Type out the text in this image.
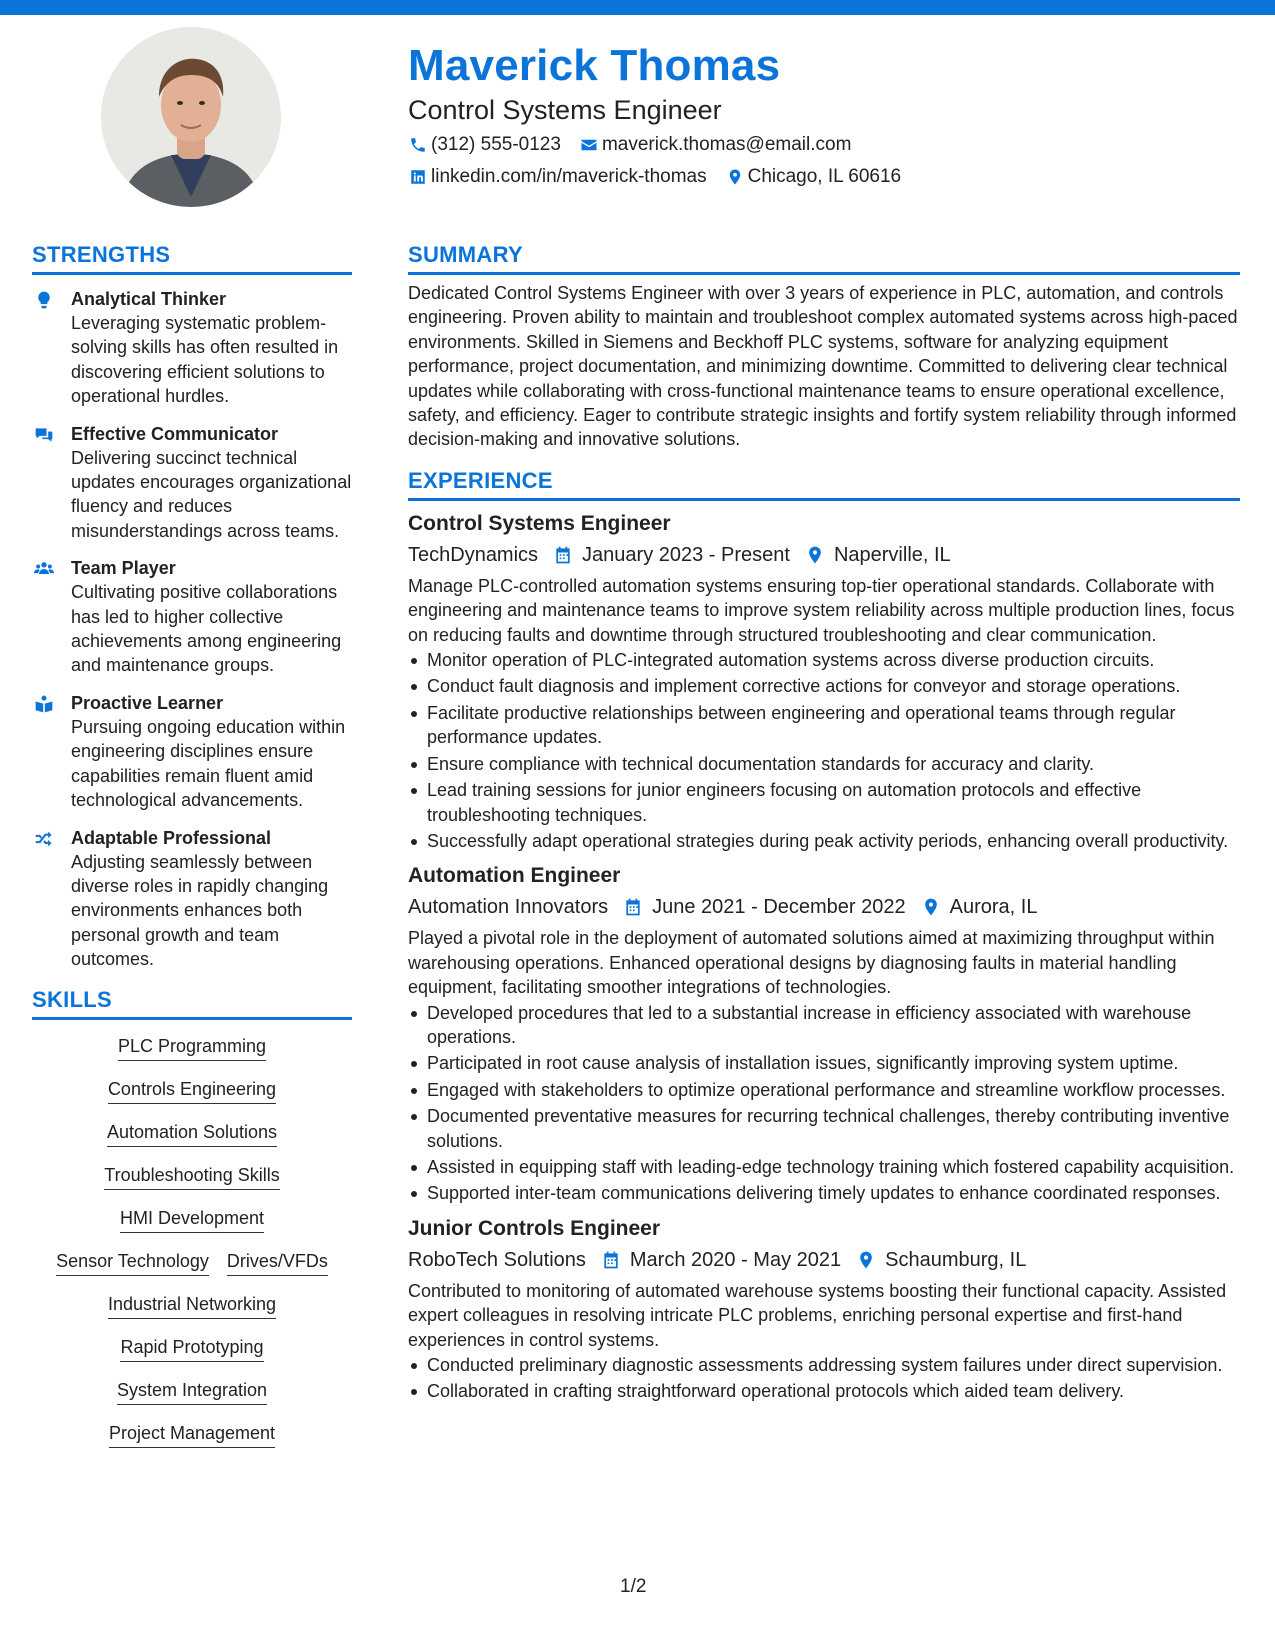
Maverick Thomas
Control Systems Engineer
(312) 555-0123 maverick.thomas@email.com
linkedin.com/in/maverick-thomas Chicago, IL 60616
STRENGTHS
Analytical Thinker
Leveraging systematic problem-solving skills has often resulted in discovering efficient solutions to operational hurdles.
Effective Communicator
Delivering succinct technical updates encourages organizational fluency and reduces misunderstandings across teams.
Team Player
Cultivating positive collaborations has led to higher collective achievements among engineering and maintenance groups.
Proactive Learner
Pursuing ongoing education within engineering disciplines ensure capabilities remain fluent amid technological advancements.
Adaptable Professional
Adjusting seamlessly between diverse roles in rapidly changing environments enhances both personal growth and team outcomes.
SKILLS
PLC Programming
Controls Engineering
Automation Solutions
Troubleshooting Skills
HMI Development
Sensor Technology Drives/VFDs
Industrial Networking
Rapid Prototyping
System Integration
Project Management
SUMMARY
Dedicated Control Systems Engineer with over 3 years of experience in PLC, automation, and controls engineering. Proven ability to maintain and troubleshoot complex automated systems across high-paced environments. Skilled in Siemens and Beckhoff PLC systems, software for analyzing equipment performance, project documentation, and minimizing downtime. Committed to delivering clear technical updates while collaborating with cross-functional maintenance teams to ensure operational excellence, safety, and efficiency. Eager to contribute strategic insights and fortify system reliability through informed decision-making and innovative solutions.
EXPERIENCE
Control Systems Engineer
TechDynamics January 2023 - Present Naperville, IL
Manage PLC-controlled automation systems ensuring top-tier operational standards. Collaborate with engineering and maintenance teams to improve system reliability across multiple production lines, focus on reducing faults and downtime through structured troubleshooting and clear communication.
Monitor operation of PLC-integrated automation systems across diverse production circuits.
Conduct fault diagnosis and implement corrective actions for conveyor and storage operations.
Facilitate productive relationships between engineering and operational teams through regular performance updates.
Ensure compliance with technical documentation standards for accuracy and clarity.
Lead training sessions for junior engineers focusing on automation protocols and effective troubleshooting techniques.
Successfully adapt operational strategies during peak activity periods, enhancing overall productivity.
Automation Engineer
Automation Innovators June 2021 - December 2022 Aurora, IL
Played a pivotal role in the deployment of automated solutions aimed at maximizing throughput within warehousing operations. Enhanced operational designs by diagnosing faults in material handling equipment, facilitating smoother integrations of technologies.
Developed procedures that led to a substantial increase in efficiency associated with warehouse operations.
Participated in root cause analysis of installation issues, significantly improving system uptime.
Engaged with stakeholders to optimize operational performance and streamline workflow processes.
Documented preventative measures for recurring technical challenges, thereby contributing inventive solutions.
Assisted in equipping staff with leading-edge technology training which fostered capability acquisition.
Supported inter-team communications delivering timely updates to enhance coordinated responses.
Junior Controls Engineer
RoboTech Solutions March 2020 - May 2021 Schaumburg, IL
Contributed to monitoring of automated warehouse systems boosting their functional capacity. Assisted expert colleagues in resolving intricate PLC problems, enriching personal expertise and first-hand experiences in control systems.
Conducted preliminary diagnostic assessments addressing system failures under direct supervision.
Collaborated in crafting straightforward operational protocols which aided team delivery.
1/2
